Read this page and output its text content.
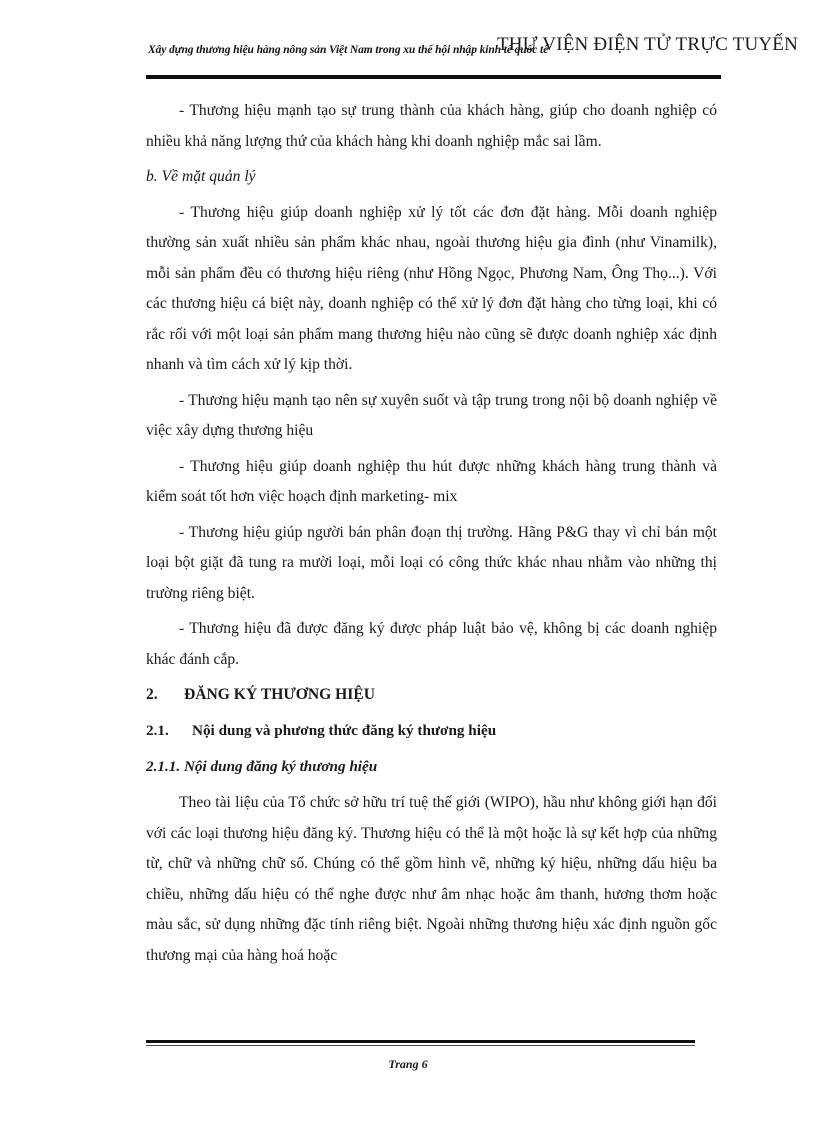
Xây dựng thương hiệu hàng nông sản Việt Nam trong xu thế hội nhập kinh tế quốc tế
THƯ VIỆN ĐIỆN TỬ TRỰC TUYẾN

- Thương hiệu mạnh tạo sự trung thành của khách hàng, giúp cho doanh nghiệp có nhiều khả năng lượng thứ của khách hàng khi doanh nghiệp mắc sai lầm.

b. Về mặt quản lý

- Thương hiệu giúp doanh nghiệp xử lý tốt các đơn đặt hàng. Mỗi doanh nghiệp thường sản xuất nhiều sản phẩm khác nhau, ngoài thương hiệu gia đình (như Vinamilk), mỗi sản phẩm đều có thương hiệu riêng (như Hồng Ngọc, Phương Nam, Ông Thọ...). Với các thương hiệu cá biệt này, doanh nghiệp có thể xử lý đơn đặt hàng cho từng loại, khi có rắc rối với một loại sản phẩm mang thương hiệu nào cũng sẽ được doanh nghiệp xác định nhanh và tìm cách xử lý kịp thời.

- Thương hiệu mạnh tạo nên sự xuyên suốt và tập trung trong nội bộ doanh nghiệp về việc xây dựng thương hiệu

- Thương hiệu giúp doanh nghiệp thu hút được những khách hàng trung thành và kiểm soát tốt hơn việc hoạch định marketing- mix

- Thương hiệu giúp người bán phân đoạn thị trường. Hãng P&G thay vì chỉ bán một loại bột giặt đã tung ra mười loại, mỗi loại có công thức khác nhau nhằm vào những thị trường riêng biệt.

- Thương hiệu đã được đăng ký được pháp luật bảo vệ, không bị các doanh nghiệp khác đánh cắp.

2. ĐĂNG KÝ THƯƠNG HIỆU
2.1. Nội dung và phương thức đăng ký thương hiệu
2.1.1. Nội dung đăng ký thương hiệu

Theo tài liệu của Tổ chức sở hữu trí tuệ thế giới (WIPO), hầu như không giới hạn đối với các loại thương hiệu đăng ký. Thương hiệu có thể là một hoặc là sự kết hợp của những từ, chữ và những chữ số. Chúng có thể gồm hình vẽ, những ký hiệu, những dấu hiệu ba chiều, những dấu hiệu có thể nghe được như âm nhạc hoặc âm thanh, hương thơm hoặc màu sắc, sử dụng những đặc tính riêng biệt. Ngoài những thương hiệu xác định nguồn gốc thương mại của hàng hoá hoặc

Trang 6
